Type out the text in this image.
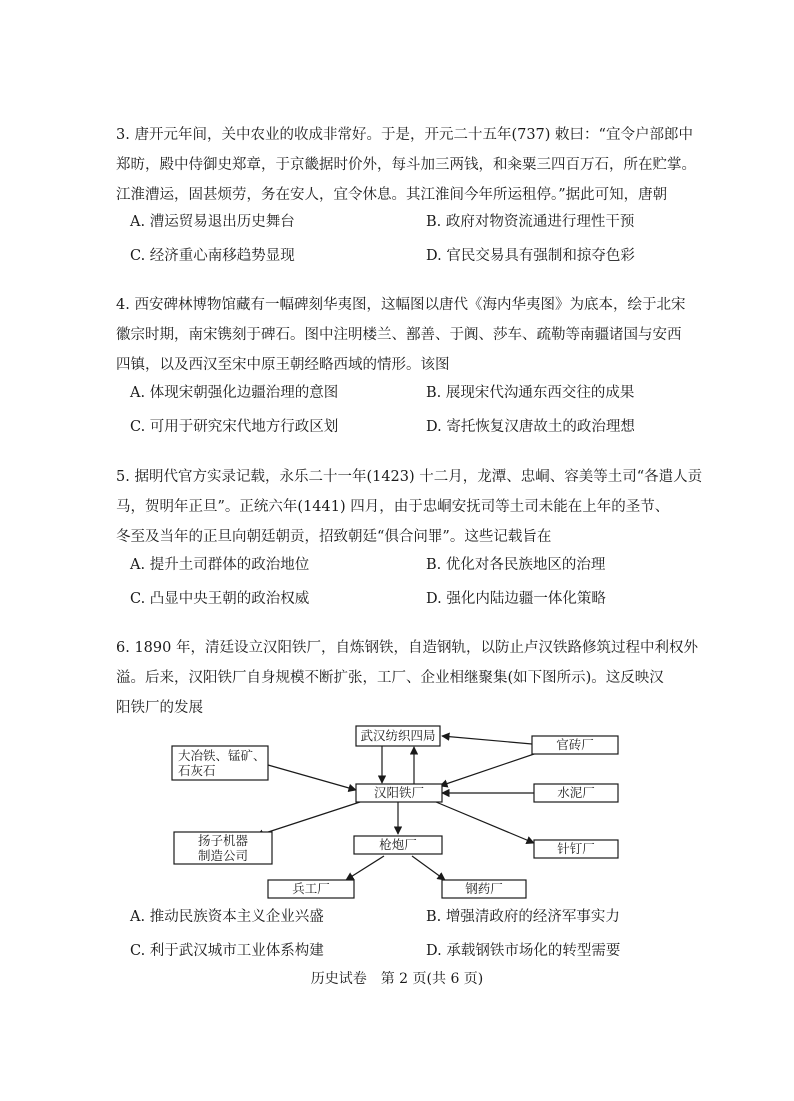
3. 唐开元年间，关中农业的收成非常好。于是，开元二十五年(737) 敕曰：“宜令户部郎中
郑昉，殿中侍御史郑章，于京畿据时价外，每斗加三两钱，和籴粟三四百万石，所在贮掌。
江淮漕运，固甚烦劳，务在安人，宜令休息。其江淮间今年所运租停。”据此可知，唐朝
A. 漕运贸易退出历史舞台	B. 政府对物资流通进行理性干预
C. 经济重心南移趋势显现	D. 官民交易具有强制和掠夺色彩
4. 西安碑林博物馆藏有一幅碑刻华夷图，这幅图以唐代《海内华夷图》为底本，绘于北宋
徽宗时期，南宋镌刻于碑石。图中注明楼兰、鄯善、于阗、莎车、疏勒等南疆诸国与安西
四镇，以及西汉至宋中原王朝经略西域的情形。该图
A. 体现宋朝强化边疆治理的意图	B. 展现宋代沟通东西交往的成果
C. 可用于研究宋代地方行政区划	D. 寄托恢复汉唐故土的政治理想
5. 据明代官方实录记载，永乐二十一年(1423) 十二月，龙潭、忠峒、容美等土司“各遣人贡
马，贺明年正旦”。正统六年(1441) 四月，由于忠峒安抚司等土司未能在上年的圣节、
冬至及当年的正旦向朝廷朝贡，招致朝廷“俱合问罪”。这些记载旨在
A. 提升土司群体的政治地位	B. 优化对各民族地区的治理
C. 凸显中央王朝的政治权威	D. 强化内陆边疆一体化策略
6. 1890 年，清廷设立汉阳铁厂，自炼钢铁，自造钢轨，以防止卢汉铁路修筑过程中利权外
溢。后来，汉阳铁厂自身规模不断扩张，工厂、企业相继聚集(如下图所示)。这反映汉
阳铁厂的发展
武汉纺织四局
大冶铁、锰矿、
石灰石
官砖厂
汉阳铁厂	水泥厂
扬子机器
制造公司
枪炮厂	针钉厂
兵工厂	钢药厂
A. 推动民族资本主义企业兴盛	B. 增强清政府的经济军事实力
C. 利于武汉城市工业体系构建	D. 承载钢铁市场化的转型需要
历史试卷　第 2 页(共 6 页)
